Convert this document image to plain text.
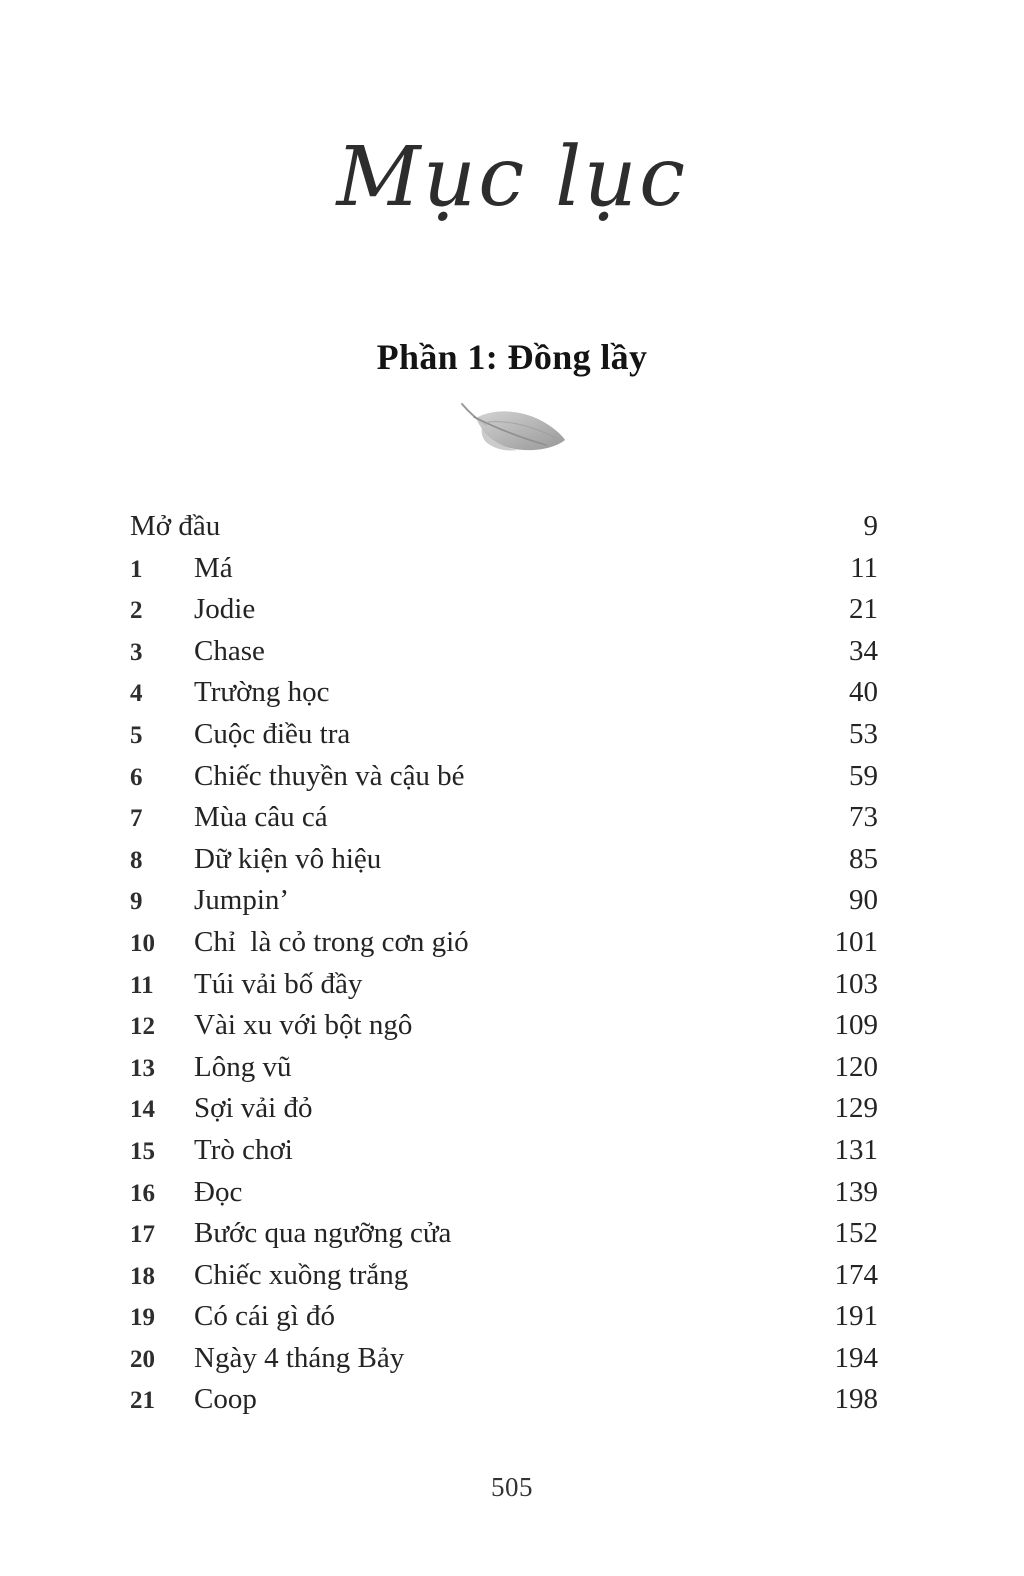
Mục lục
Phần 1: Đồng lầy
Mở đầu	9
1	Má	11
2	Jodie	21
3	Chase	34
4	Trường học	40
5	Cuộc điều tra	53
6	Chiếc thuyền và cậu bé	59
7	Mùa câu cá	73
8	Dữ kiện vô hiệu	85
9	Jumpin’	90
10	Chỉ  là cỏ trong cơn gió	101
11	Túi vải bố đầy	103
12	Vài xu với bột ngô	109
13	Lông vũ	120
14	Sợi vải đỏ	129
15	Trò chơi	131
16	Đọc	139
17	Bước qua ngưỡng cửa	152
18	Chiếc xuồng trắng	174
19	Có cái gì đó	191
20	Ngày 4 tháng Bảy	194
21	Coop	198
505
